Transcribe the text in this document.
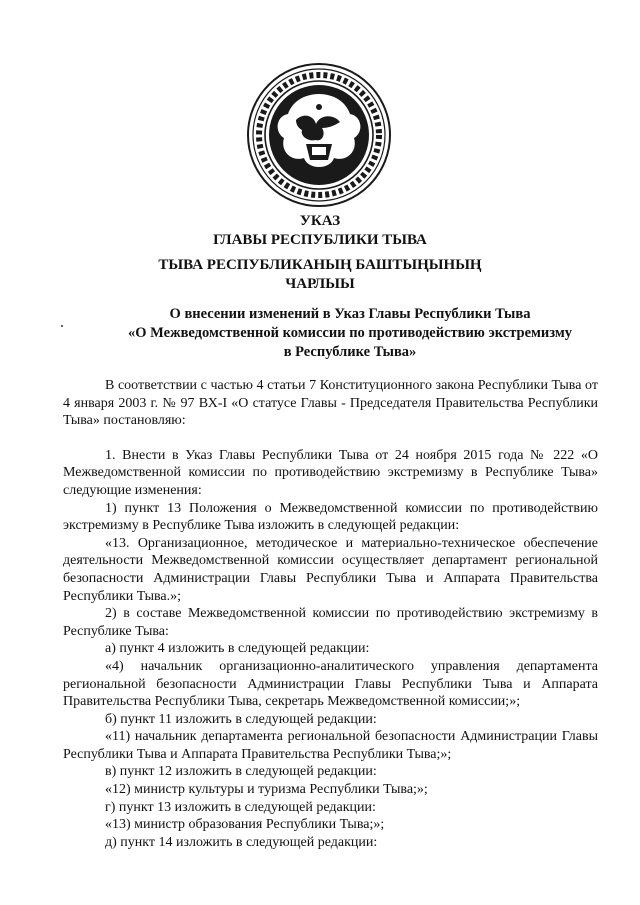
УКАЗ
ГЛАВЫ РЕСПУБЛИКИ ТЫВА
ТЫВА РЕСПУБЛИКАНЫҢ БАШТЫҢЫНЫҢ
ЧАРЛЫЫ
О внесении изменений в Указ Главы Республики Тыва
«О Межведомственной комиссии по противодействию экстремизму
в Республике Тыва»

В соответствии с частью 4 статьи 7 Конституционного закона Республики Тыва от 4 января 2003 г. № 97 ВХ-I «О статусе Главы - Председателя Правительства Республики Тыва» постановляю:

1. Внести в Указ Главы Республики Тыва от 24 ноября 2015 года № 222 «О Межведомственной комиссии по противодействию экстремизму в Республике Тыва» следующие изменения:

1) пункт 13 Положения о Межведомственной комиссии по противодействию экстремизму в Республике Тыва изложить в следующей редакции:

«13. Организационное, методическое и материально-техническое обеспечение деятельности Межведомственной комиссии осуществляет департамент региональной безопасности Администрации Главы Республики Тыва и Аппарата Правительства Республики Тыва.»;

2) в составе Межведомственной комиссии по противодействию экстремизму в Республике Тыва:

а) пункт 4 изложить в следующей редакции:

«4) начальник организационно-аналитического управления департамента региональной безопасности Администрации Главы Республики Тыва и Аппарата Правительства Республики Тыва, секретарь Межведомственной комиссии;»;

б) пункт 11 изложить в следующей редакции:

«11) начальник департамента региональной безопасности Администрации Главы Республики Тыва и Аппарата Правительства Республики Тыва;»;

в) пункт 12 изложить в следующей редакции:

«12) министр культуры и туризма Республики Тыва;»;

г) пункт 13 изложить в следующей редакции:

«13) министр образования Республики Тыва;»;

д) пункт 14 изложить в следующей редакции:
